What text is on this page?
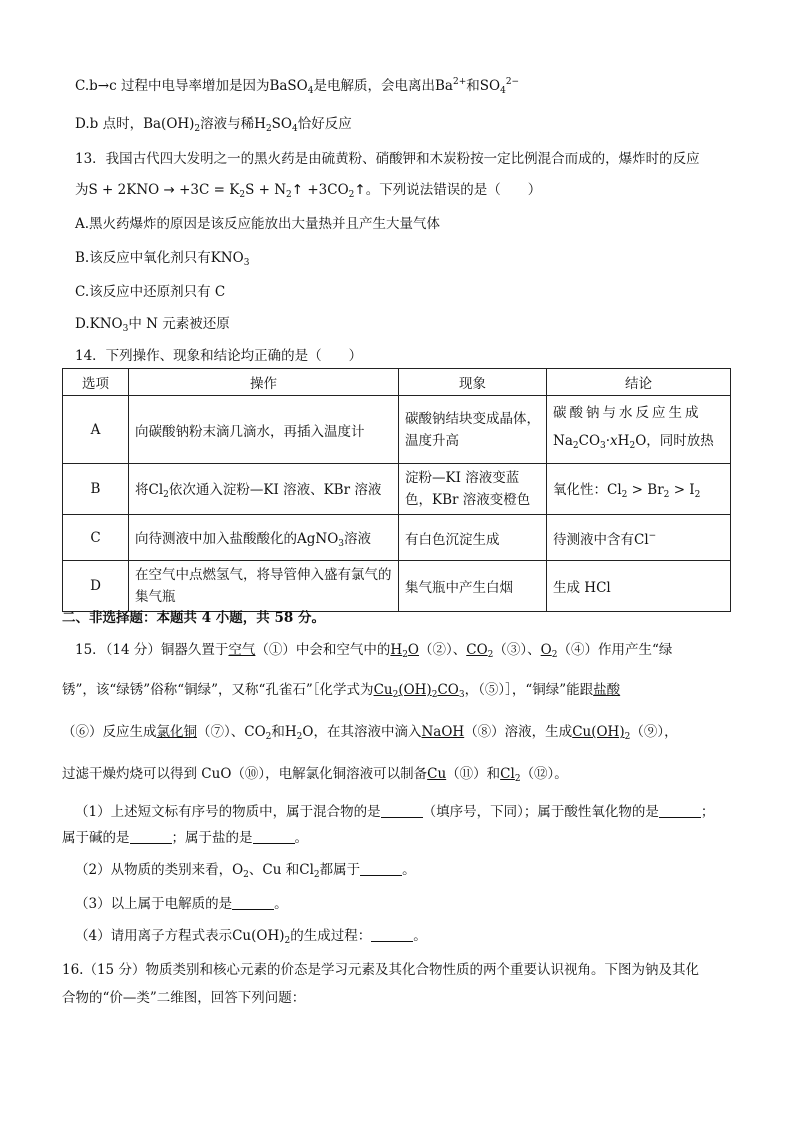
C.b→c 过程中电导率增加是因为BaSO$_4$是电解质，会电离出$Ba^{2+}$和$SO_4^{2-}$
D.b 点时，$Ba(OH)_2$溶液与稀$H_2SO_4$恰好反应
13．我国古代四大发明之一的黑火药是由硫黄粉、硝酸钾和木炭粉按一定比例混合而成的，爆炸时的反应
为$S + 2KNO \to +3C = K_2S$ + $N_2↑$ $+3CO_2↑$。下列说法错误的是（　　）
A.黑火药爆炸的原因是该反应能放出大量热并且产生大量气体
B.该反应中氧化剂只有$KNO_3$
C.该反应中还原剂只有 C
$D.KNO_3$中 N 元素被还原
14．下列操作、现象和结论均正确的是（　　）
选项	操作	现象	结论
A	向碳酸钠粉末滴几滴水，再插入温度计	碳酸钠结块变成晶体，温度升高	碳酸钠与水反应生成
$Na_2CO_3\cdot xH_2O$，同时放热
B	将$Cl_2$依次通入淀粉—KI 溶液、KBr 溶液	淀粉—KI 溶液变蓝色，KBr 溶液变橙色	氧化性：$Cl_2 > Br_2 > I_2$
C	向待测液中加入盐酸酸化的AgNO$_3$溶液	有白色沉淀生成	待测液中含有Cl−
D	在空气中点燃氢气，将导管伸入盛有氯气的集气瓶	集气瓶中产生白烟	生成 HCl
二、非选择题：本题共 4 小题，共 58 分。
15．（14 分）铜器久置于空气（①）中会和空气中的$H_2O(②)$、$CO_2(③)$、$O_2(④)$作用产生“绿
锈”，该“绿锈”俗称“铜绿”，又称“孔雀石”［化学式为$Cu_2(OH)_2CO_3$，（⑤）］，“铜绿”能跟盐酸
（⑥）反应生成氯化铜（⑦）、$CO_2$和$H_2O$，在其溶液中滴入NaOH（⑧）溶液，生成$Cu(OH)_2(⑨)$，
过滤干燥灼烧可以得到 CuO（⑩），电解氯化铜溶液可以制备Cu（⑪）和$Cl_2(⑫)$。
（1）上述短文标有序号的物质中，属于混合物的是	（填序号，下同）；属于酸性氧化物的是	；
属于碱的是	；属于盐的是	。
（2）从物质的类别来看，$O_2$、Cu 和$Cl_2$都属于	。
（3）以上属于电解质的是	。
（4）请用离子方程式表示$Cu(OH)_2$的生成过程：	。
16.（15 分）物质类别和核心元素的价态是学习元素及其化合物性质的两个重要认识视角。下图为钠及其化
合物的“价—类”二维图，回答下列问题：
